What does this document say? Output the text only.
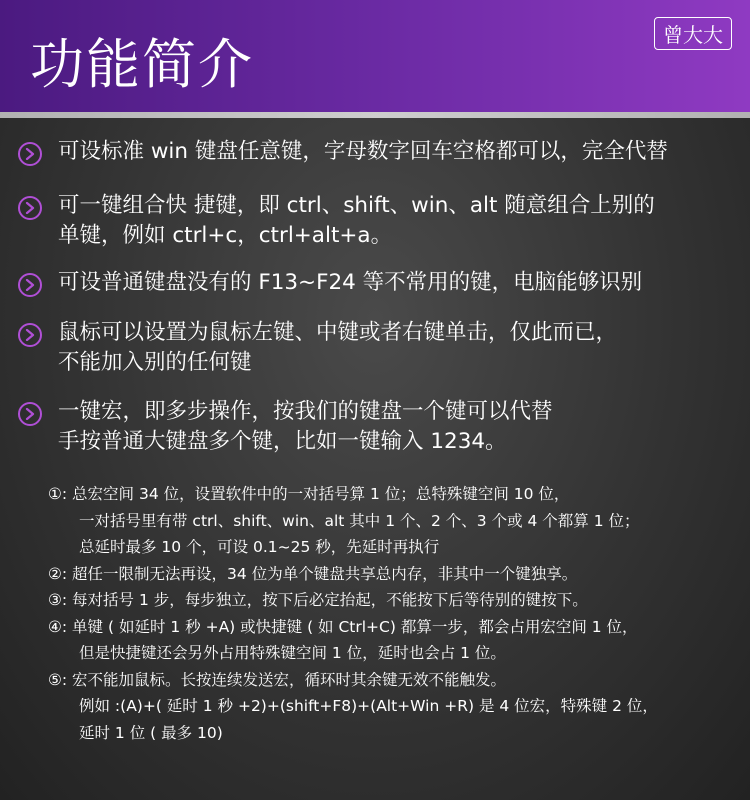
功能简介	曾大大
可设标准 win 键盘任意键，字母数字回车空格都可以，完全代替
可一键组合快 捷键，即 ctrl、shift、win、alt 随意组合上别的
单键，例如 ctrl+c，ctrl+alt+a。
可设普通键盘没有的 F13~F24 等不常用的键，电脑能够识别
鼠标可以设置为鼠标左键、中键或者右键单击，仅此而已，
不能加入别的任何键
一键宏，即多步操作，按我们的键盘一个键可以代替
手按普通大键盘多个键，比如一键输入 1234。
①: 总宏空间 34 位，设置软件中的一对括号算 1 位；总特殊键空间 10 位，
一对括号里有带 ctrl、shift、win、alt 其中 1 个、2 个、3 个或 4 个都算 1 位；
总延时最多 10 个，可设 0.1~25 秒，先延时再执行
②: 超任一限制无法再设，34 位为单个键盘共享总内存，非其中一个键独享。
③: 每对括号 1 步，每步独立，按下后必定抬起，不能按下后等待别的键按下。
④: 单键 ( 如延时 1 秒 +A) 或快捷键 ( 如 Ctrl+C) 都算一步，都会占用宏空间 1 位，
但是快捷键还会另外占用特殊键空间 1 位，延时也会占 1 位。
⑤: 宏不能加鼠标。长按连续发送宏，循环时其余键无效不能触发。
例如 :(A)+( 延时 1 秒 +2)+(shift+F8)+(Alt+Win +R) 是 4 位宏，特殊键 2 位，
延时 1 位 ( 最多 10)
